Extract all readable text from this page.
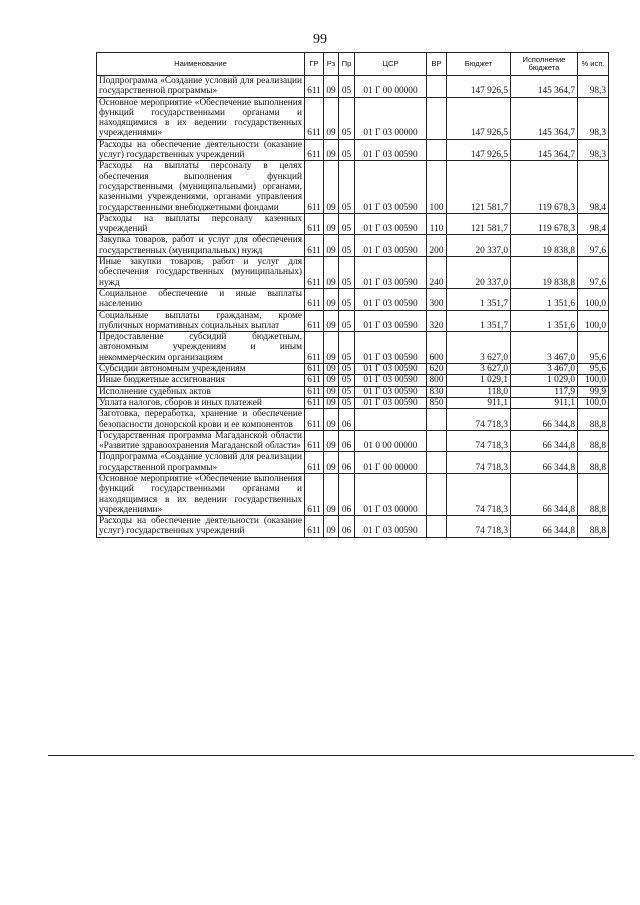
99
Наименование	ГР	Рз	Пр	ЦСР	ВР	Бюджет	Исполнение бюджета	% исп.
Подпрограмма «Создание условий для реализации государственной программы»	611	09	05	01 Г 00 00000		147 926,5	145 364,7	98,3
Основное мероприятие «Обеспечение выполнения функций государственными органами и находящимися в их ведении государственных учреждениями»	611	09	05	01 Г 03 00000		147 926,5	145 364,7	98,3
Расходы на обеспечение деятельности (оказание услуг) государственных учреждений	611	09	05	01 Г 03 00590		147 926,5	145 364,7	98,3
Расходы на выплаты персоналу в целях обеспечения выполнения функций государственными (муниципальными) органами, казенными учреждениями, органами управления государственными внебюджетными фондами	611	09	05	01 Г 03 00590	100	121 581,7	119 678,3	98,4
Расходы на выплаты персоналу казенных учреждений	611	09	05	01 Г 03 00590	110	121 581,7	119 678,3	98,4
Закупка товаров, работ и услуг для обеспечения государственных (муниципальных) нужд	611	09	05	01 Г 03 00590	200	20 337,0	19 838,8	97,6
Иные закупки товаров, работ и услуг для обеспечения государственных (муниципальных) нужд	611	09	05	01 Г 03 00590	240	20 337,0	19 838,8	97,6
Социальное обеспечение и иные выплаты населению	611	09	05	01 Г 03 00590	300	1 351,7	1 351,6	100,0
Социальные выплаты гражданам, кроме публичных нормативных социальных выплат	611	09	05	01 Г 03 00590	320	1 351,7	1 351,6	100,0
Предоставление субсидий бюджетным, автономным учреждениям и иным некоммерческим организациям	611	09	05	01 Г 03 00590	600	3 627,0	3 467,0	95,6
Субсидии автономным учреждениям	611	09	05	01 Г 03 00590	620	3 627,0	3 467,0	95,6
Иные бюджетные ассигнования	611	09	05	01 Г 03 00590	800	1 029,1	1 029,0	100,0
Исполнение судебных актов	611	09	05	01 Г 03 00590	830	118,0	117,9	99,9
Уплата налогов, сборов и иных платежей	611	09	05	01 Г 03 00590	850	911,1	911,1	100,0
Заготовка, переработка, хранение и обеспечение безопасности донорской крови и ее компонентов	611	09	06			74 718,3	66 344,8	88,8
Государственная программа Магаданской области «Развитие здравоохранения Магаданской области»	611	09	06	01 0 00 00000		74 718,3	66 344,8	88,8
Подпрограмма «Создание условий для реализации государственной программы»	611	09	06	01 Г 00 00000		74 718,3	66 344,8	88,8
Основное мероприятие «Обеспечение выполнения функций государственными органами и находящимися в их ведении государственных учреждениями»	611	09	06	01 Г 03 00000		74 718,3	66 344,8	88,8
Расходы на обеспечение деятельности (оказание услуг) государственных учреждений	611	09	06	01 Г 03 00590		74 718,3	66 344,8	88,8
